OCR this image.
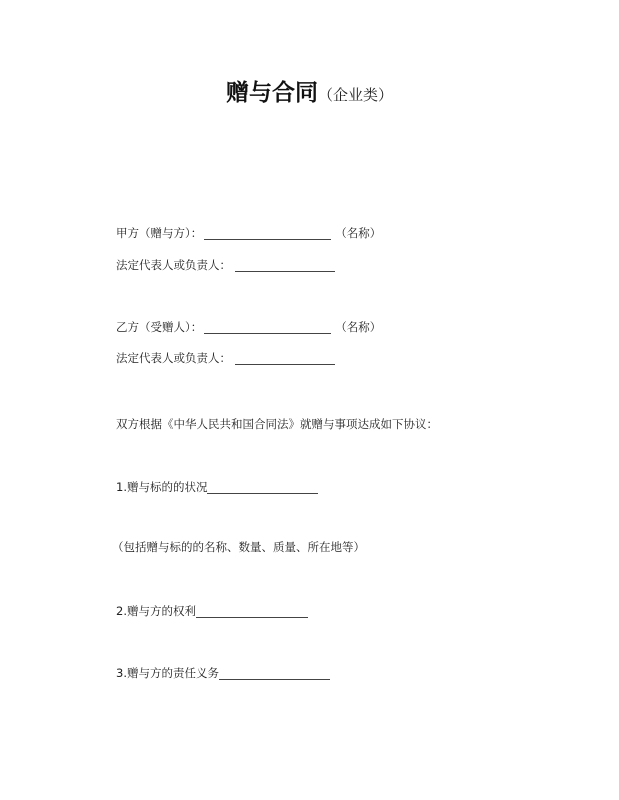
赠与合同（企业类）
甲方（赠与方）：	（名称）
法定代表人或负责人：
乙方（受赠人）：	（名称）
法定代表人或负责人：
双方根据《中华人民共和国合同法》就赠与事项达成如下协议：
1.赠与标的的状况
（包括赠与标的的名称、数量、质量、所在地等）
2.赠与方的权利
3.赠与方的责任义务
